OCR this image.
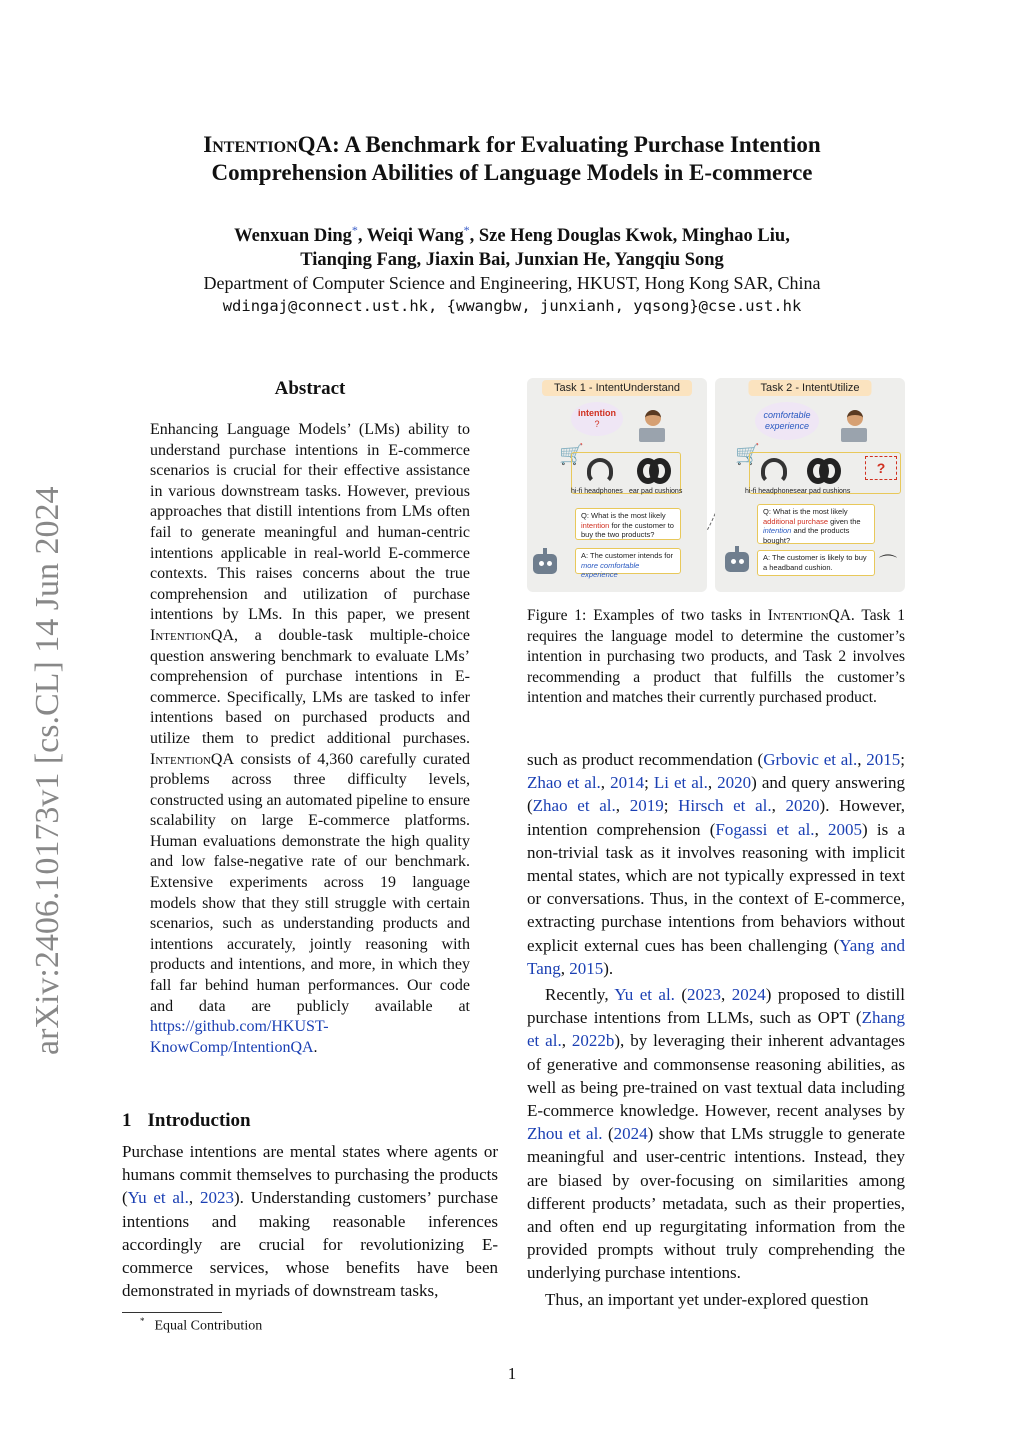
IntentionQA: A Benchmark for Evaluating Purchase Intention
Comprehension Abilities of Language Models in E-commerce
Wenxuan Ding*, Weiqi Wang*, Sze Heng Douglas Kwok, Minghao Liu,
Tianqing Fang, Jiaxin Bai, Junxian He, Yangqiu Song
Department of Computer Science and Engineering, HKUST, Hong Kong SAR, China
wdingaj@connect.ust.hk, {wwangbw, junxianh, yqsong}@cse.ust.hk
arXiv:2406.10173v1 [cs.CL] 14 Jun 2024
Abstract
Enhancing Language Models’ (LMs) ability to understand purchase intentions in E-commerce scenarios is crucial for their effective assistance in various downstream tasks. However, previous approaches that distill intentions from LMs often fail to generate meaningful and human-centric intentions applicable in real-world E-commerce contexts. This raises concerns about the true comprehension and utilization of purchase intentions by LMs. In this paper, we present IntentionQA, a double-task multiple-choice question answering benchmark to evaluate LMs’ comprehension of purchase intentions in E-commerce. Specifically, LMs are tasked to infer intentions based on purchased products and utilize them to predict additional purchases. IntentionQA consists of 4,360 carefully curated problems across three difficulty levels, constructed using an automated pipeline to ensure scalability on large E-commerce platforms. Human evaluations demonstrate the high quality and low false-negative rate of our benchmark. Extensive experiments across 19 language models show that they still struggle with certain scenarios, such as understanding products and intentions accurately, jointly reasoning with products and intentions, and more, in which they fall far behind human performances. Our code and data are publicly available at https://github.com/HKUST-KnowComp/IntentionQA.
1 Introduction
Purchase intentions are mental states where agents or humans commit themselves to purchasing the products (Yu et al., 2023). Understanding customers’ purchase intentions and making reasonable inferences accordingly are crucial for revolutionizing E-commerce services, whose benefits have been demonstrated in myriads of downstream tasks,
* Equal Contribution
1
Task 1 - IntentUnderstand
intention
?
🛒
hi-fi headphones ear pad cushions
Q: What is the most likely intention for the customer to buy the two products?
A: The customer intends for more comfortable experience
Task 2 - IntentUtilize
comfortable
experience
🛒
?
hi-fi headphones ear pad cushions
Q: What is the most likely additional purchase given the intention and the products bought?
A: The customer is likely to buy a headband cushion.	⌒
Figure 1: Examples of two tasks in IntentionQA. Task 1 requires the language model to determine the customer’s intention in purchasing two products, and Task 2 involves recommending a product that fulfills the customer’s intention and matches their currently purchased product.

such as product recommendation (Grbovic et al., 2015; Zhao et al., 2014; Li et al., 2020) and query answering (Zhao et al., 2019; Hirsch et al., 2020). However, intention comprehension (Fogassi et al., 2005) is a non-trivial task as it involves reasoning with implicit mental states, which are not typically expressed in text or conversations. Thus, in the context of E-commerce, extracting purchase intentions from behaviors without explicit external cues has been challenging (Yang and Tang, 2015).

Recently, Yu et al. (2023, 2024) proposed to distill purchase intentions from LLMs, such as OPT (Zhang et al., 2022b), by leveraging their inherent advantages of generative and commonsense reasoning abilities, as well as being pre-trained on vast textual data including E-commerce knowledge. However, recent analyses by Zhou et al. (2024) show that LMs struggle to generate meaningful and user-centric intentions. Instead, they are biased by over-focusing on similarities among different products’ metadata, such as their properties, and often end up regurgitating information from the provided prompts without truly comprehending the underlying purchase intentions.

Thus, an important yet under-explored question
